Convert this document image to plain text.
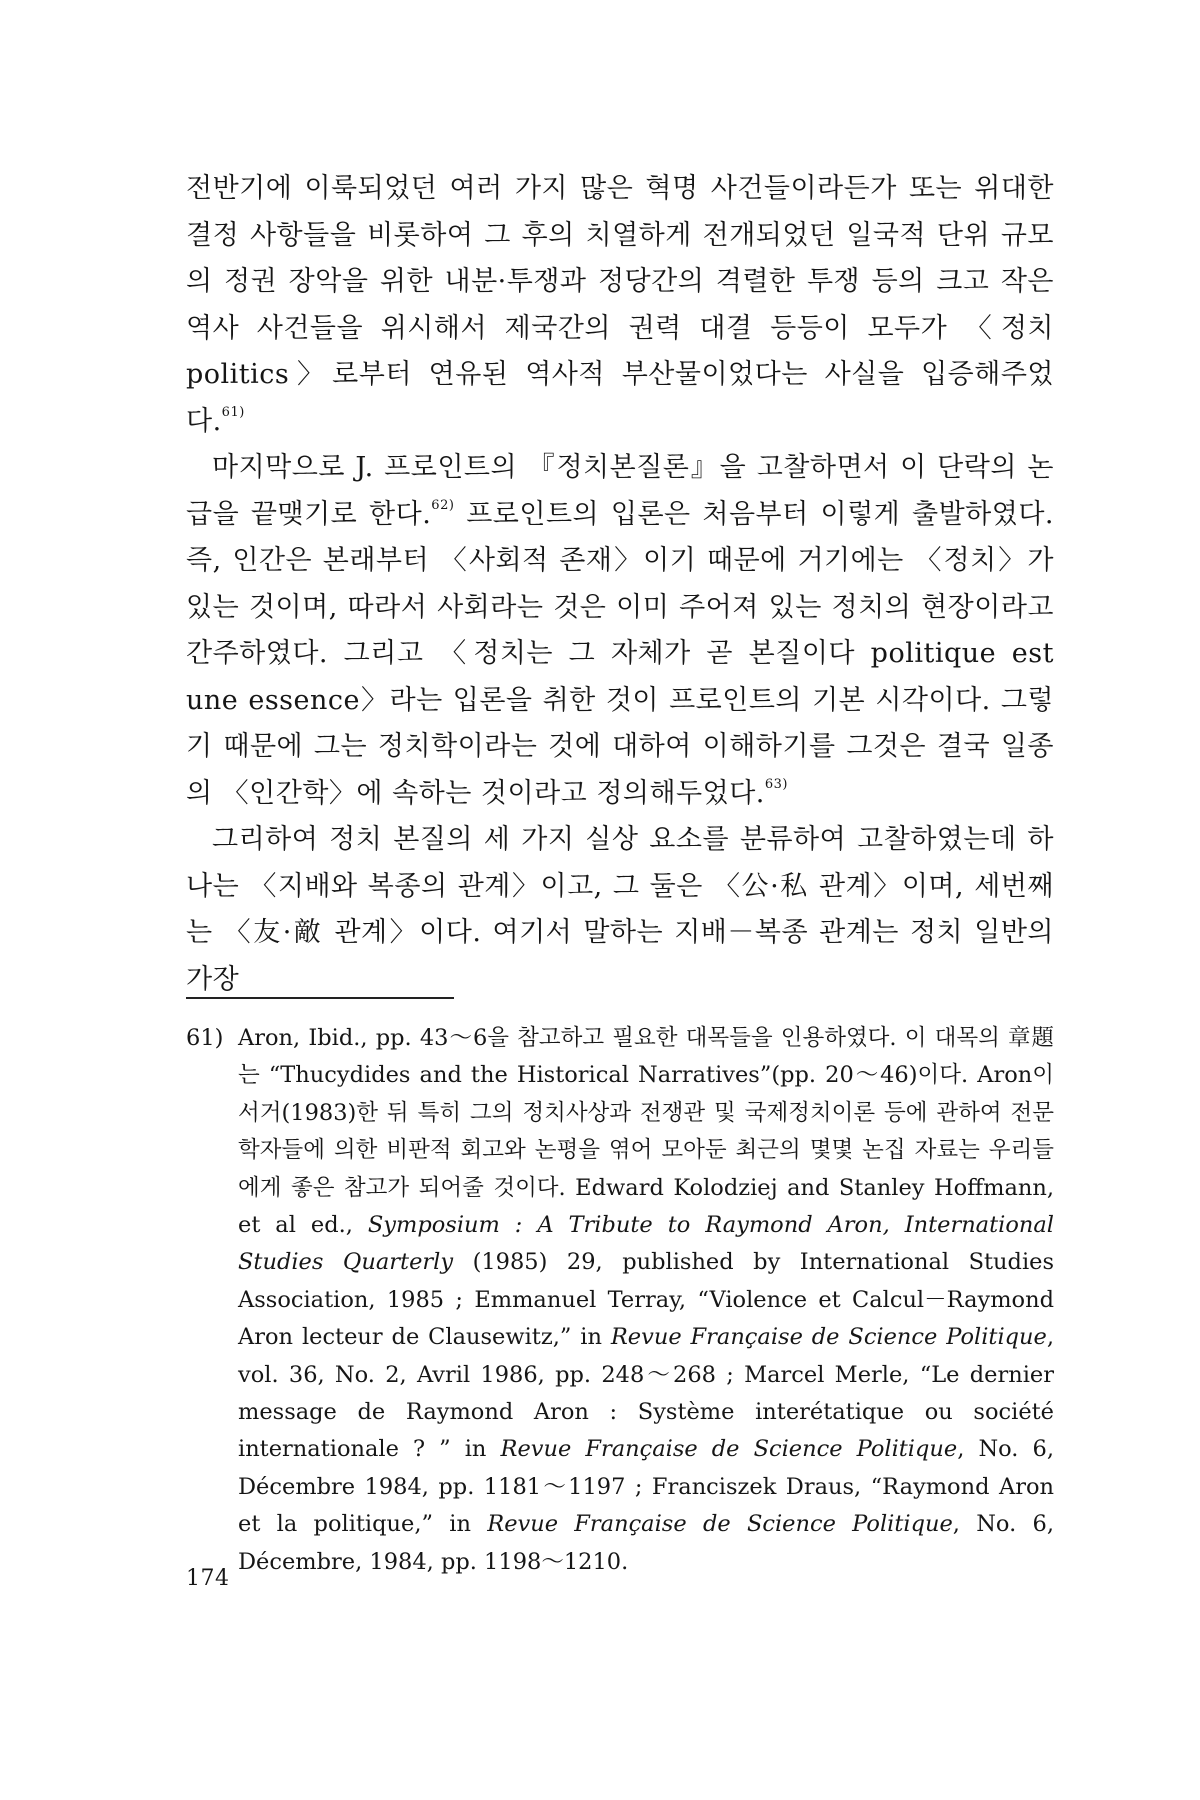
전반기에 이룩되었던 여러 가지 많은 혁명 사건들이라든가 또는 위대한 결정 사항들을 비롯하여 그 후의 치열하게 전개되었던 일국적 단위 규모의 정권 장악을 위한 내분·투쟁과 정당간의 격렬한 투쟁 등의 크고 작은 역사 사건들을 위시해서 제국간의 권력 대결 등등이 모두가 〈정치 politics〉로부터 연유된 역사적 부산물이었다는 사실을 입증해주었다.$^{61)}$

마지막으로 J. 프로인트의 『정치본질론』을 고찰하면서 이 단락의 논급을 끝맺기로 한다.$^{62)}$ 프로인트의 입론은 처음부터 이렇게 출발하였다. 즉, 인간은 본래부터 〈사회적 존재〉이기 때문에 거기에는 〈정치〉가 있는 것이며, 따라서 사회라는 것은 이미 주어져 있는 정치의 현장이라고 간주하였다. 그리고 〈정치는 그 자체가 곧 본질이다 politique est une essence〉라는 입론을 취한 것이 프로인트의 기본 시각이다. 그렇기 때문에 그는 정치학이라는 것에 대하여 이해하기를 그것은 결국 일종의 〈인간학〉에 속하는 것이라고 정의해두었다.$^{63)}$

그리하여 정치 본질의 세 가지 실상 요소를 분류하여 고찰하였는데 하나는 〈지배와 복종의 관계〉이고, 그 둘은 〈公·私 관계〉이며, 세번째는 〈友·敵 관계〉이다. 여기서 말하는 지배－복종 관계는 정치 일반의 가장

61) Aron, Ibid., pp. 43～6을 참고하고 필요한 대목들을 인용하였다. 이 대목의 章題는 “Thucydides and the Historical Narratives”(pp. 20～46)이다. Aron이 서거(1983)한 뒤 특히 그의 정치사상과 전쟁관 및 국제정치이론 등에 관하여 전문학자들에 의한 비판적 회고와 논평을 엮어 모아둔 최근의 몇몇 논집 자료는 우리들에게 좋은 참고가 되어줄 것이다. Edward Kolodziej and Stanley Hoffmann, et al ed., Symposium : A Tribute to Raymond Aron, International Studies Quarterly (1985) 29, published by International Studies Association, 1985 ; Emmanuel Terray, “Violence et Calcul－Raymond Aron lecteur de Clausewitz,” in Revue Française de Science Politique, vol. 36, No. 2, Avril 1986, pp. 248～268 ; Marcel Merle, “Le dernier message de Raymond Aron : Système interétatique ou société internationale ? ” in Revue Française de Science Politique, No. 6, Décembre 1984, pp. 1181～1197 ; Franciszek Draus, “Raymond Aron et la politique,” in Revue Française de Science Politique, No. 6, Décembre, 1984, pp. 1198～1210.

174
